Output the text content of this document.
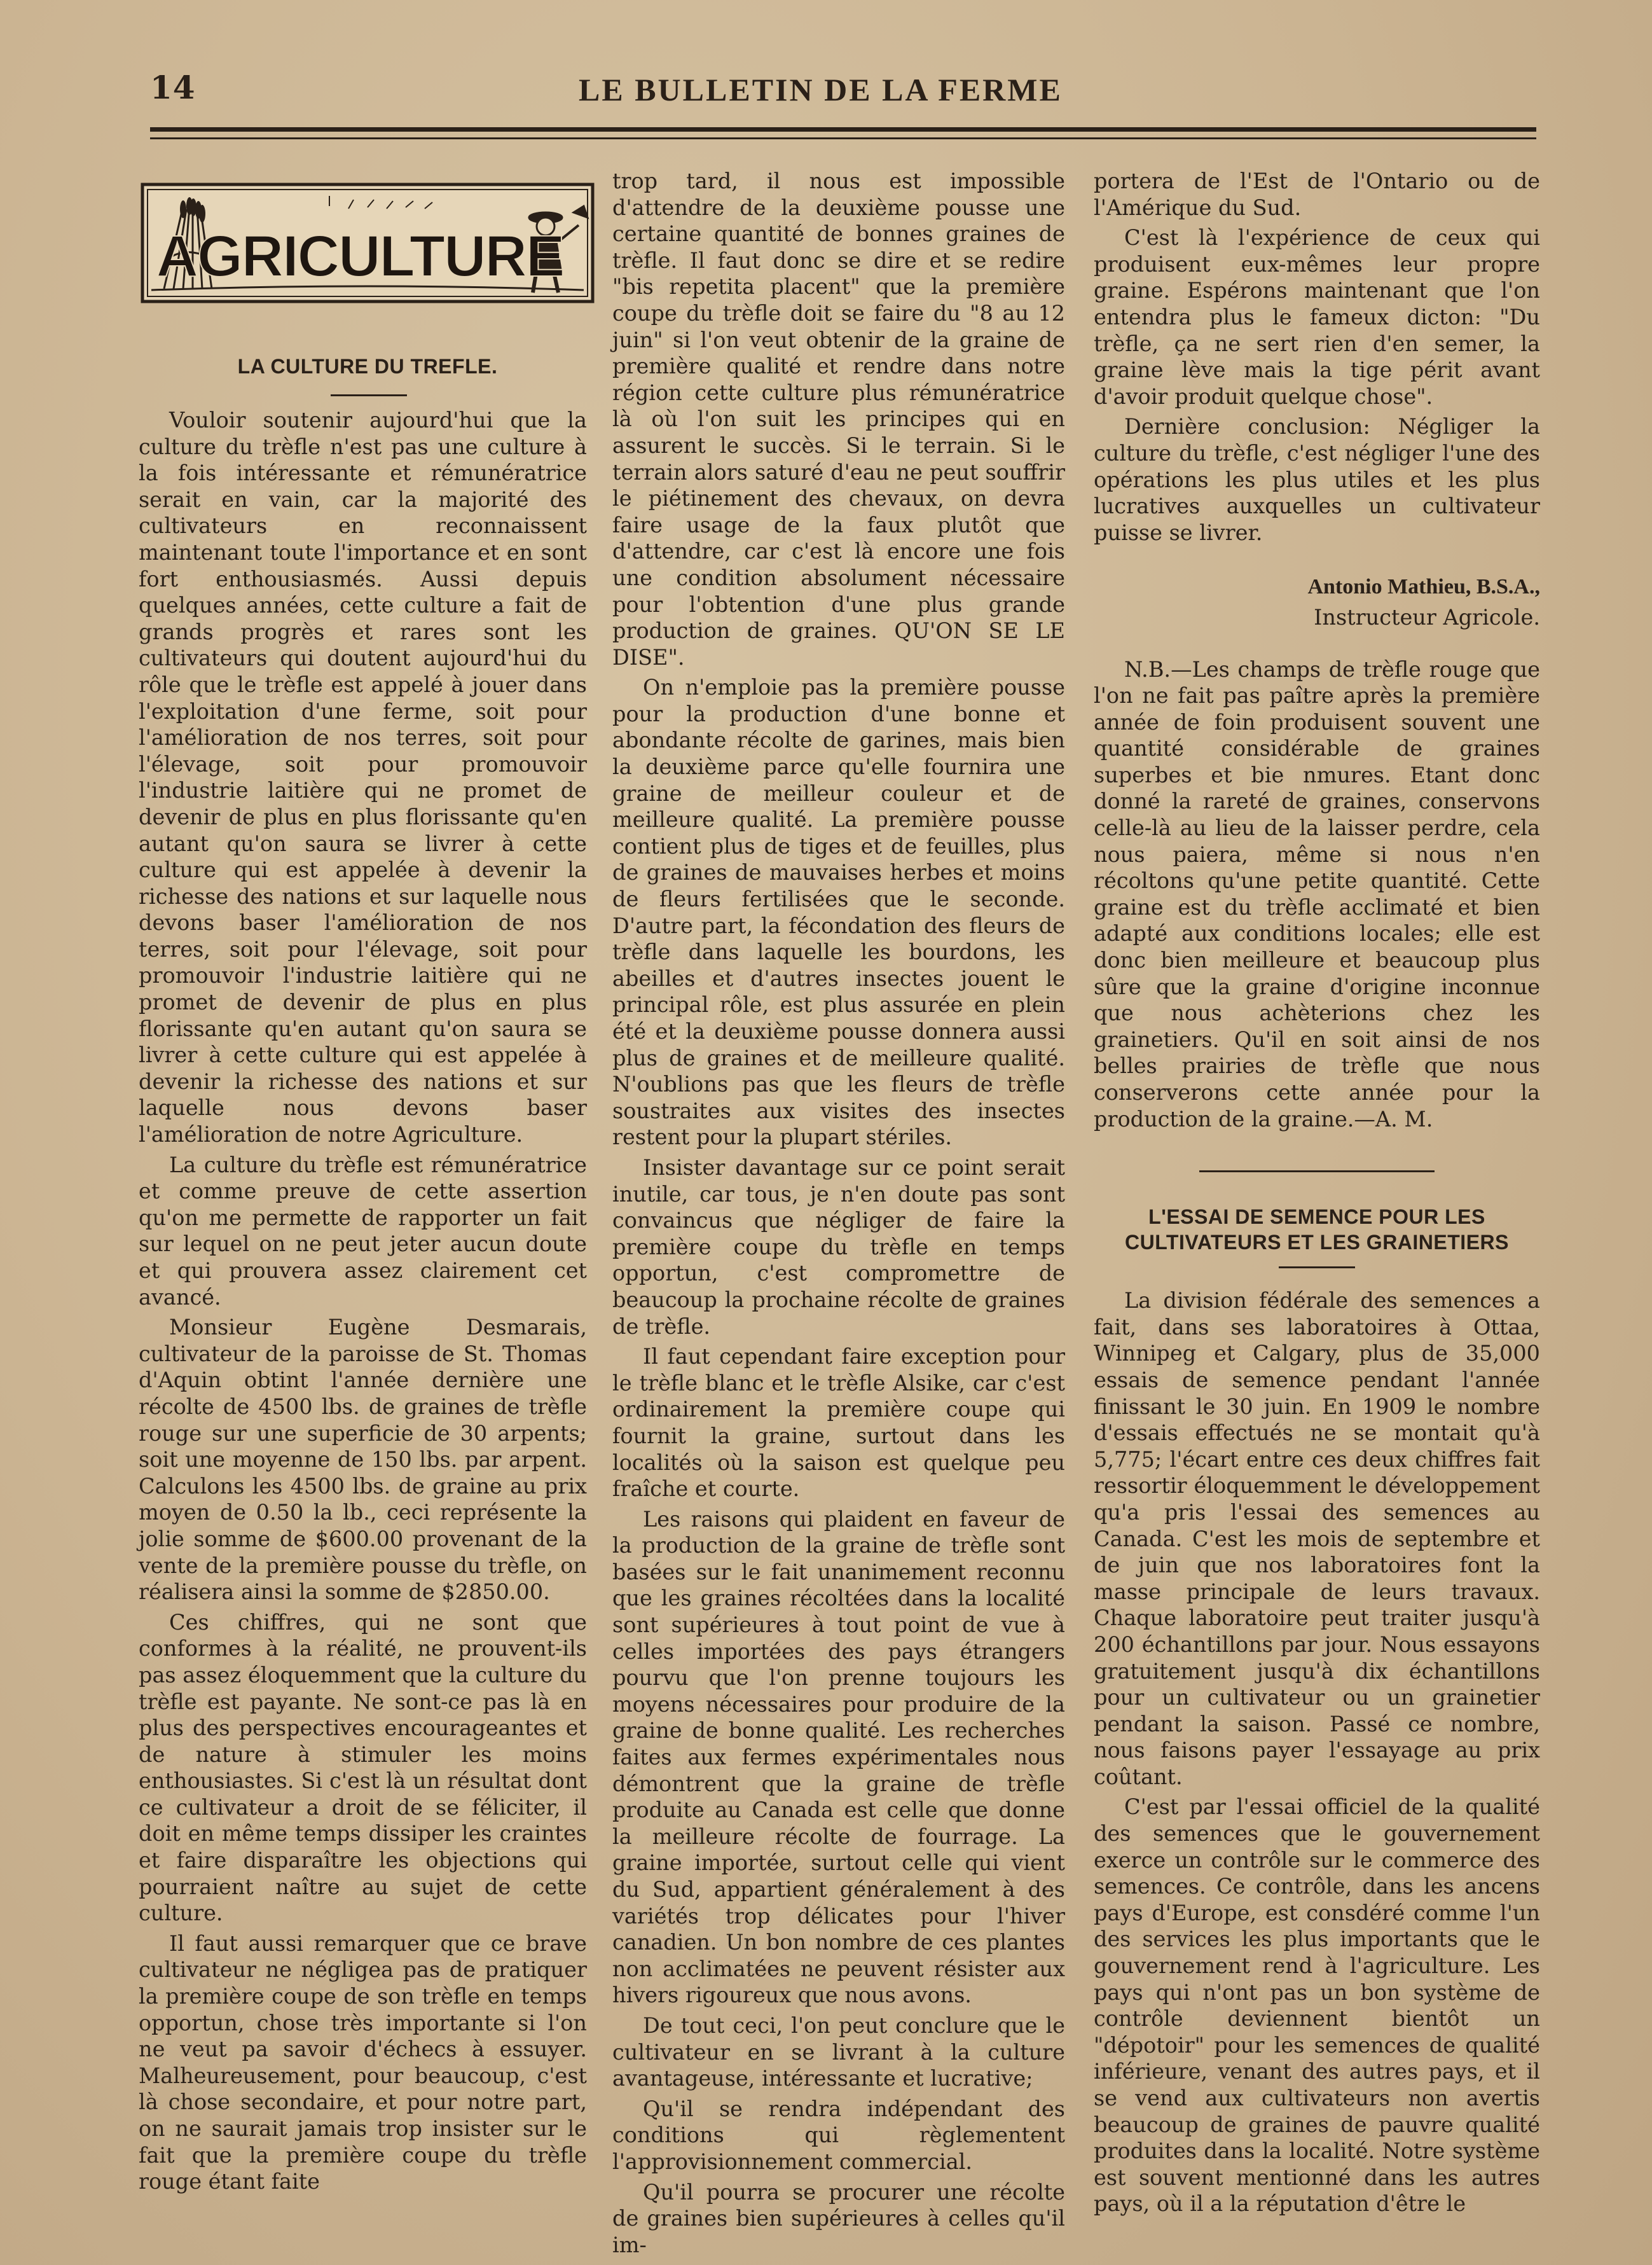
14	LE BULLETIN DE LA FERME
AGRICULTURE
LA CULTURE DU TREFLE.

Vouloir soutenir aujourd'hui que la culture du trèfle n'est pas une culture à la fois intéressante et rémunératrice serait en vain, car la majorité des cultivateurs en reconnaissent maintenant toute l'importance et en sont fort enthousiasmés. Aussi depuis quelques années, cette culture a fait de grands progrès et rares sont les cultivateurs qui doutent aujourd'hui du rôle que le trèfle est appelé à jouer dans l'exploitation d'une ferme, soit pour l'amélioration de nos terres, soit pour l'élevage, soit pour promouvoir l'industrie laitière qui ne promet de devenir de plus en plus florissante qu'en autant qu'on saura se livrer à cette culture qui est appelée à devenir la richesse des nations et sur laquelle nous devons baser l'amélioration de nos terres, soit pour l'élevage, soit pour promouvoir l'industrie laitière qui ne promet de devenir de plus en plus florissante qu'en autant qu'on saura se livrer à cette culture qui est appelée à devenir la richesse des nations et sur laquelle nous devons baser l'amélioration de notre Agriculture.

La culture du trèfle est rémunératrice et comme preuve de cette assertion qu'on me permette de rapporter un fait sur lequel on ne peut jeter aucun doute et qui prouvera assez clairement cet avancé.

Monsieur Eugène Desmarais, cultivateur de la paroisse de St. Thomas d'Aquin obtint l'année dernière une récolte de 4500 lbs. de graines de trèfle rouge sur une superficie de 30 arpents; soit une moyenne de 150 lbs. par arpent. Calculons les 4500 lbs. de graine au prix moyen de 0.50 la lb., ceci représente la jolie somme de $600.00 provenant de la vente de la première pousse du trèfle, on réalisera ainsi la somme de $2850.00.

Ces chiffres, qui ne sont que conformes à la réalité, ne prouvent-ils pas assez éloquemment que la culture du trèfle est payante. Ne sont-ce pas là en plus des perspectives encourageantes et de nature à stimuler les moins enthousiastes. Si c'est là un résultat dont ce cultivateur a droit de se féliciter, il doit en même temps dissiper les craintes et faire disparaître les objections qui pourraient naître au sujet de cette culture.

Il faut aussi remarquer que ce brave cultivateur ne négligea pas de pratiquer la première coupe de son trèfle en temps opportun, chose très importante si l'on ne veut pa savoir d'échecs à essuyer. Malheureusement, pour beaucoup, c'est là chose secondaire, et pour notre part, on ne saurait jamais trop insister sur le fait que la première coupe du trèfle rouge étant faite

trop tard, il nous est impossible d'attendre de la deuxième pousse une certaine quantité de bonnes graines de trèfle. Il faut donc se dire et se redire "bis repetita placent" que la première coupe du trèfle doit se faire du "8 au 12 juin" si l'on veut obtenir de la graine de première qualité et rendre dans notre région cette culture plus rémunératrice là où l'on suit les principes qui en assurent le succès. Si le terrain. Si le terrain alors saturé d'eau ne peut souffrir le piétinement des chevaux, on devra faire usage de la faux plutôt que d'attendre, car c'est là encore une fois une condition absolument nécessaire pour l'obtention d'une plus grande production de graines. QU'ON SE LE DISE".

On n'emploie pas la première pousse pour la production d'une bonne et abondante récolte de garines, mais bien la deuxième parce qu'elle fournira une graine de meilleur couleur et de meilleure qualité. La première pousse contient plus de tiges et de feuilles, plus de graines de mauvaises herbes et moins de fleurs fertilisées que le seconde. D'autre part, la fécondation des fleurs de trèfle dans laquelle les bourdons, les abeilles et d'autres insectes jouent le principal rôle, est plus assurée en plein été et la deuxième pousse donnera aussi plus de graines et de meilleure qualité. N'oublions pas que les fleurs de trèfle soustraites aux visites des insectes restent pour la plupart stériles.

Insister davantage sur ce point serait inutile, car tous, je n'en doute pas sont convaincus que négliger de faire la première coupe du trèfle en temps opportun, c'est compromettre de beaucoup la prochaine récolte de graines de trèfle.

Il faut cependant faire exception pour le trèfle blanc et le trèfle Alsike, car c'est ordinairement la première coupe qui fournit la graine, surtout dans les localités où la saison est quelque peu fraîche et courte.

Les raisons qui plaident en faveur de la production de la graine de trèfle sont basées sur le fait unanimement reconnu que les graines récoltées dans la localité sont supérieures à tout point de vue à celles importées des pays étrangers pourvu que l'on prenne toujours les moyens nécessaires pour produire de la graine de bonne qualité. Les recherches faites aux fermes expérimentales nous démontrent que la graine de trèfle produite au Canada est celle que donne la meilleure récolte de fourrage. La graine importée, surtout celle qui vient du Sud, appartient généralement à des variétés trop délicates pour l'hiver canadien. Un bon nombre de ces plantes non acclimatées ne peuvent résister aux hivers rigoureux que nous avons.

De tout ceci, l'on peut conclure que le cultivateur en se livrant à la culture avantageuse, intéressante et lucrative;

Qu'il se rendra indépendant des conditions qui règlementent l'approvisionnement commercial.

Qu'il pourra se procurer une récolte de graines bien supérieures à celles qu'il im-

portera de l'Est de l'Ontario ou de l'Amérique du Sud.

C'est là l'expérience de ceux qui produisent eux-mêmes leur propre graine. Espérons maintenant que l'on entendra plus le fameux dicton: "Du trèfle, ça ne sert rien d'en semer, la graine lève mais la tige périt avant d'avoir produit quelque chose".

Dernière conclusion: Négliger la culture du trèfle, c'est négliger l'une des opérations les plus utiles et les plus lucratives auxquelles un cultivateur puisse se livrer.

Antonio Mathieu, B.S.A.,

Instructeur Agricole.

N.B.—Les champs de trèfle rouge que l'on ne fait pas paître après la première année de foin produisent souvent une quantité considérable de graines superbes et bie nmures. Etant donc donné la rareté de graines, conservons celle-là au lieu de la laisser perdre, cela nous paiera, même si nous n'en récoltons qu'une petite quantité. Cette graine est du trèfle acclimaté et bien adapté aux conditions locales; elle est donc bien meilleure et beaucoup plus sûre que la graine d'origine inconnue que nous achèterions chez les grainetiers. Qu'il en soit ainsi de nos belles prairies de trèfle que nous conserverons cette année pour la production de la graine.—A. M.

L'ESSAI DE SEMENCE POUR LES CULTIVATEURS ET LES GRAINETIERS

La division fédérale des semences a fait, dans ses laboratoires à Ottaa, Winnipeg et Calgary, plus de 35,000 essais de semence pendant l'année finissant le 30 juin. En 1909 le nombre d'essais effectués ne se montait qu'à 5,775; l'écart entre ces deux chiffres fait ressortir éloquemment le développement qu'a pris l'essai des semences au Canada. C'est les mois de septembre et de juin que nos laboratoires font la masse principale de leurs travaux. Chaque laboratoire peut traiter jusqu'à 200 échantillons par jour. Nous essayons gratuitement jusqu'à dix échantillons pour un cultivateur ou un grainetier pendant la saison. Passé ce nombre, nous faisons payer l'essayage au prix coûtant.

C'est par l'essai officiel de la qualité des semences que le gouvernement exerce un contrôle sur le commerce des semences. Ce contrôle, dans les ancens pays d'Europe, est consdéré comme l'un des services les plus importants que le gouvernement rend à l'agriculture. Les pays qui n'ont pas un bon système de contrôle deviennent bientôt un "dépotoir" pour les semences de qualité inférieure, venant des autres pays, et il se vend aux cultivateurs non avertis beaucoup de graines de pauvre qualité produites dans la localité. Notre système est souvent mentionné dans les autres pays, où il a la réputation d'être le
